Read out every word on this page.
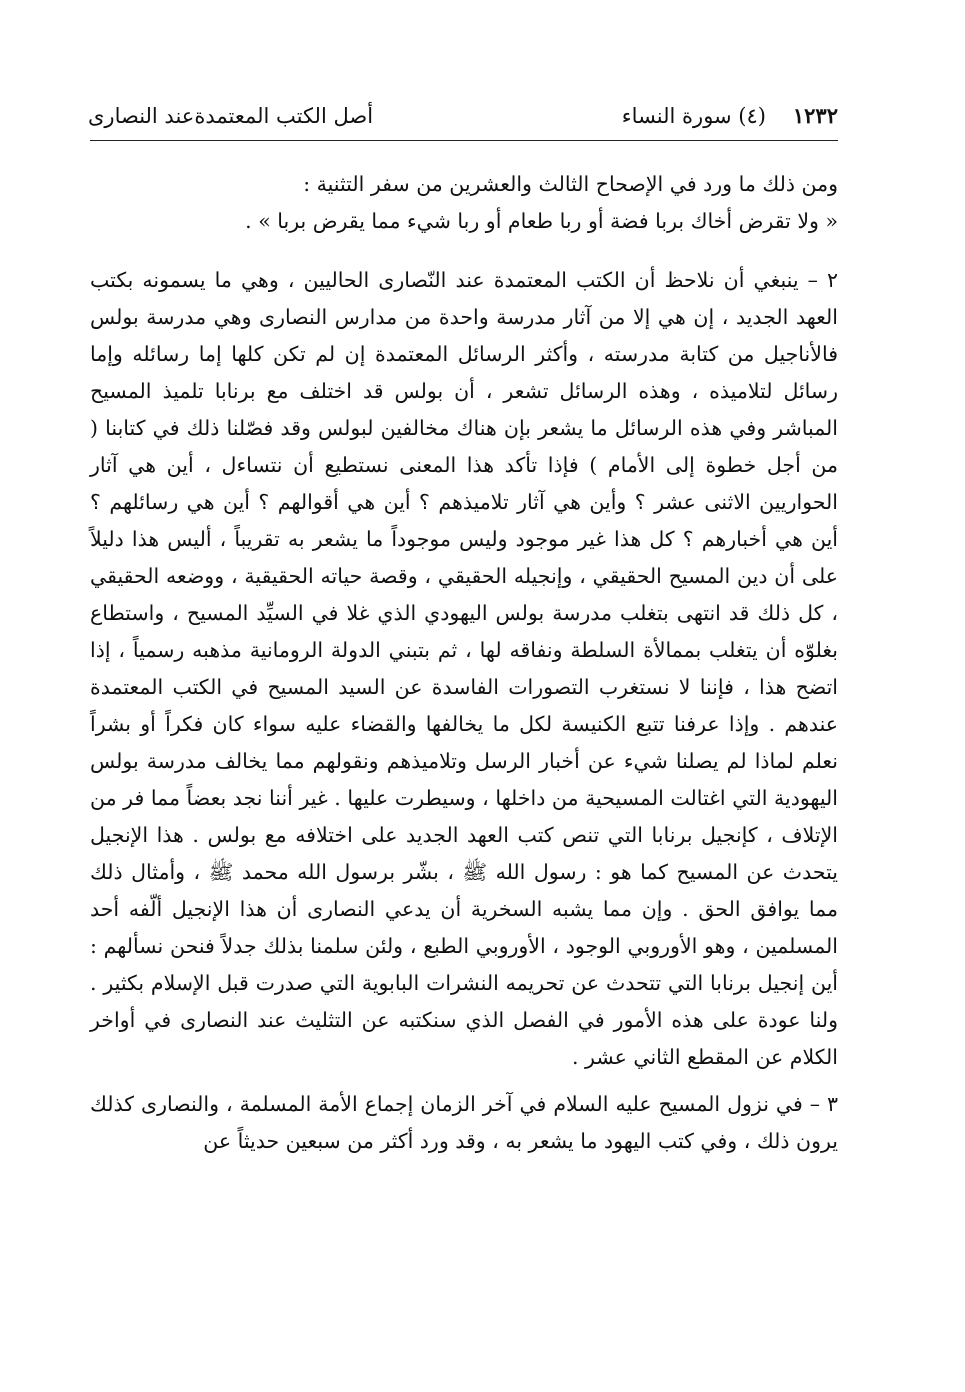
١٢٣٢
(٤) سورة النساء
أصل الكتب المعتمدةعند النصارى

ومن ذلك ما ورد في الإصحاح الثالث والعشرين من سفر التثنية :

« ولا تقرض أخاك بربا فضة أو ربا طعام أو ربا شيء مما يقرض بربا » .

٢ – ينبغي أن نلاحظ أن الكتب المعتمدة عند النّصارى الحاليين ، وهي ما يسمونه بكتب العهد الجديد ، إن هي إلا من آثار مدرسة واحدة من مدارس النصارى وهي مدرسة بولس فالأناجيل من كتابة مدرسته ، وأكثر الرسائل المعتمدة إن لم تكن كلها إما رسائله وإما رسائل لتلاميذه ، وهذه الرسائل تشعر ، أن بولس قد اختلف مع برنابا تلميذ المسيح المباشر وفي هذه الرسائل ما يشعر بإن هناك مخالفين لبولس وقد فصّلنا ذلك في كتابنا ( من أجل خطوة إلى الأمام ) فإذا تأكد هذا المعنى نستطيع أن نتساءل ، أين هي آثار الحواريين الاثنى عشر ؟ وأين هي آثار تلاميذهم ؟ أين هي أقوالهم ؟ أين هي رسائلهم ؟ أين هي أخبارهم ؟ كل هذا غير موجود وليس موجوداً ما يشعر به تقريباً ، أليس هذا دليلاً على أن دين المسيح الحقيقي ، وإنجيله الحقيقي ، وقصة حياته الحقيقية ، ووضعه الحقيقي ، كل ذلك قد انتهى بتغلب مدرسة بولس اليهودي الذي غلا في السيِّد المسيح ، واستطاع بغلوّه أن يتغلب بممالأة السلطة ونفاقه لها ، ثم بتبني الدولة الرومانية مذهبه رسمياً ، إذا اتضح هذا ، فإننا لا نستغرب التصورات الفاسدة عن السيد المسيح في الكتب المعتمدة عندهم . وإذا عرفنا تتبع الكنيسة لكل ما يخالفها والقضاء عليه سواء كان فكراً أو بشراً نعلم لماذا لم يصلنا شيء عن أخبار الرسل وتلاميذهم ونقولهم مما يخالف مدرسة بولس اليهودية التي اغتالت المسيحية من داخلها ، وسيطرت عليها . غير أننا نجد بعضاً مما فر من الإتلاف ، كإنجيل برنابا التي تنص كتب العهد الجديد على اختلافه مع بولس . هذا الإنجيل يتحدث عن المسيح كما هو : رسول الله ﷺ ، بشّر برسول الله محمد ﷺ ، وأمثال ذلك مما يوافق الحق . وإن مما يشبه السخرية أن يدعي النصارى أن هذا الإنجيل ألّفه أحد المسلمين ، وهو الأوروبي الوجود ، الأوروبي الطبع ، ولئن سلمنا بذلك جدلاً فنحن نسألهم : أين إنجيل برنابا التي تتحدث عن تحريمه النشرات البابوية التي صدرت قبل الإسلام بكثير . ولنا عودة على هذه الأمور في الفصل الذي سنكتبه عن التثليث عند النصارى في أواخر الكلام عن المقطع الثاني عشر .

٣ – في نزول المسيح عليه السلام في آخر الزمان إجماع الأمة المسلمة ، والنصارى كذلك يرون ذلك ، وفي كتب اليهود ما يشعر به ، وقد ورد أكثر من سبعين حديثاً عن
